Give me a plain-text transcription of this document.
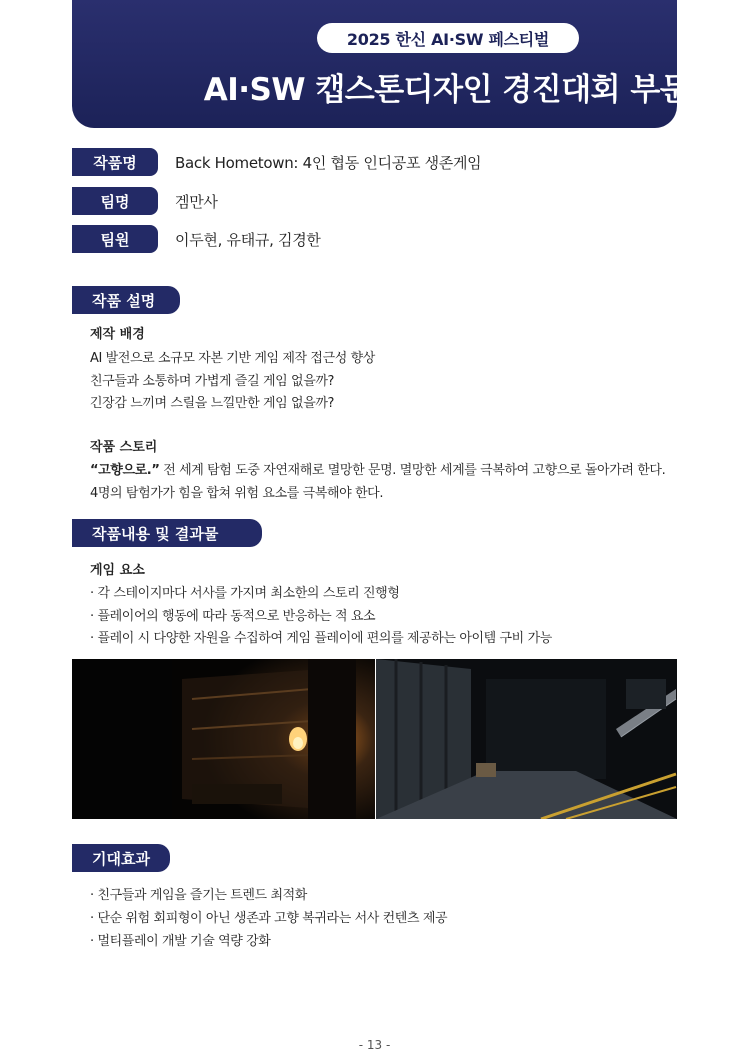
2025 한신 AI·SW 페스티벌
AI·SW 캡스톤디자인 경진대회 부문
작품명	Back Hometown: 4인 협동 인디공포 생존게임
팀명	겜만사
팀원	이두현, 유태규, 김경한
작품 설명
제작 배경
AI 발전으로 소규모 자본 기반 게임 제작 접근성 향상
친구들과 소통하며 가볍게 즐길 게임 없을까?
긴장감 느끼며 스릴을 느낄만한 게임 없을까?
작품 스토리
“고향으로.” 전 세계 탐험 도중 자연재해로 멸망한 문명. 멸망한 세계를 극복하여 고향으로 돌아가려 한다.
4명의 탐험가가 힘을 합쳐 위험 요소를 극복해야 한다.
작품내용 및 결과물
게임 요소
· 각 스테이지마다 서사를 가지며 최소한의 스토리 진행형
· 플레이어의 행동에 따라 동적으로 반응하는 적 요소
· 플레이 시 다양한 자원을 수집하여 게임 플레이에 편의를 제공하는 아이템 구비 가능
기대효과
· 친구들과 게임을 즐기는 트렌드 최적화
· 단순 위험 회피형이 아닌 생존과 고향 복귀라는 서사 컨텐츠 제공
· 멀티플레이 개발 기술 역량 강화
- 13 -
